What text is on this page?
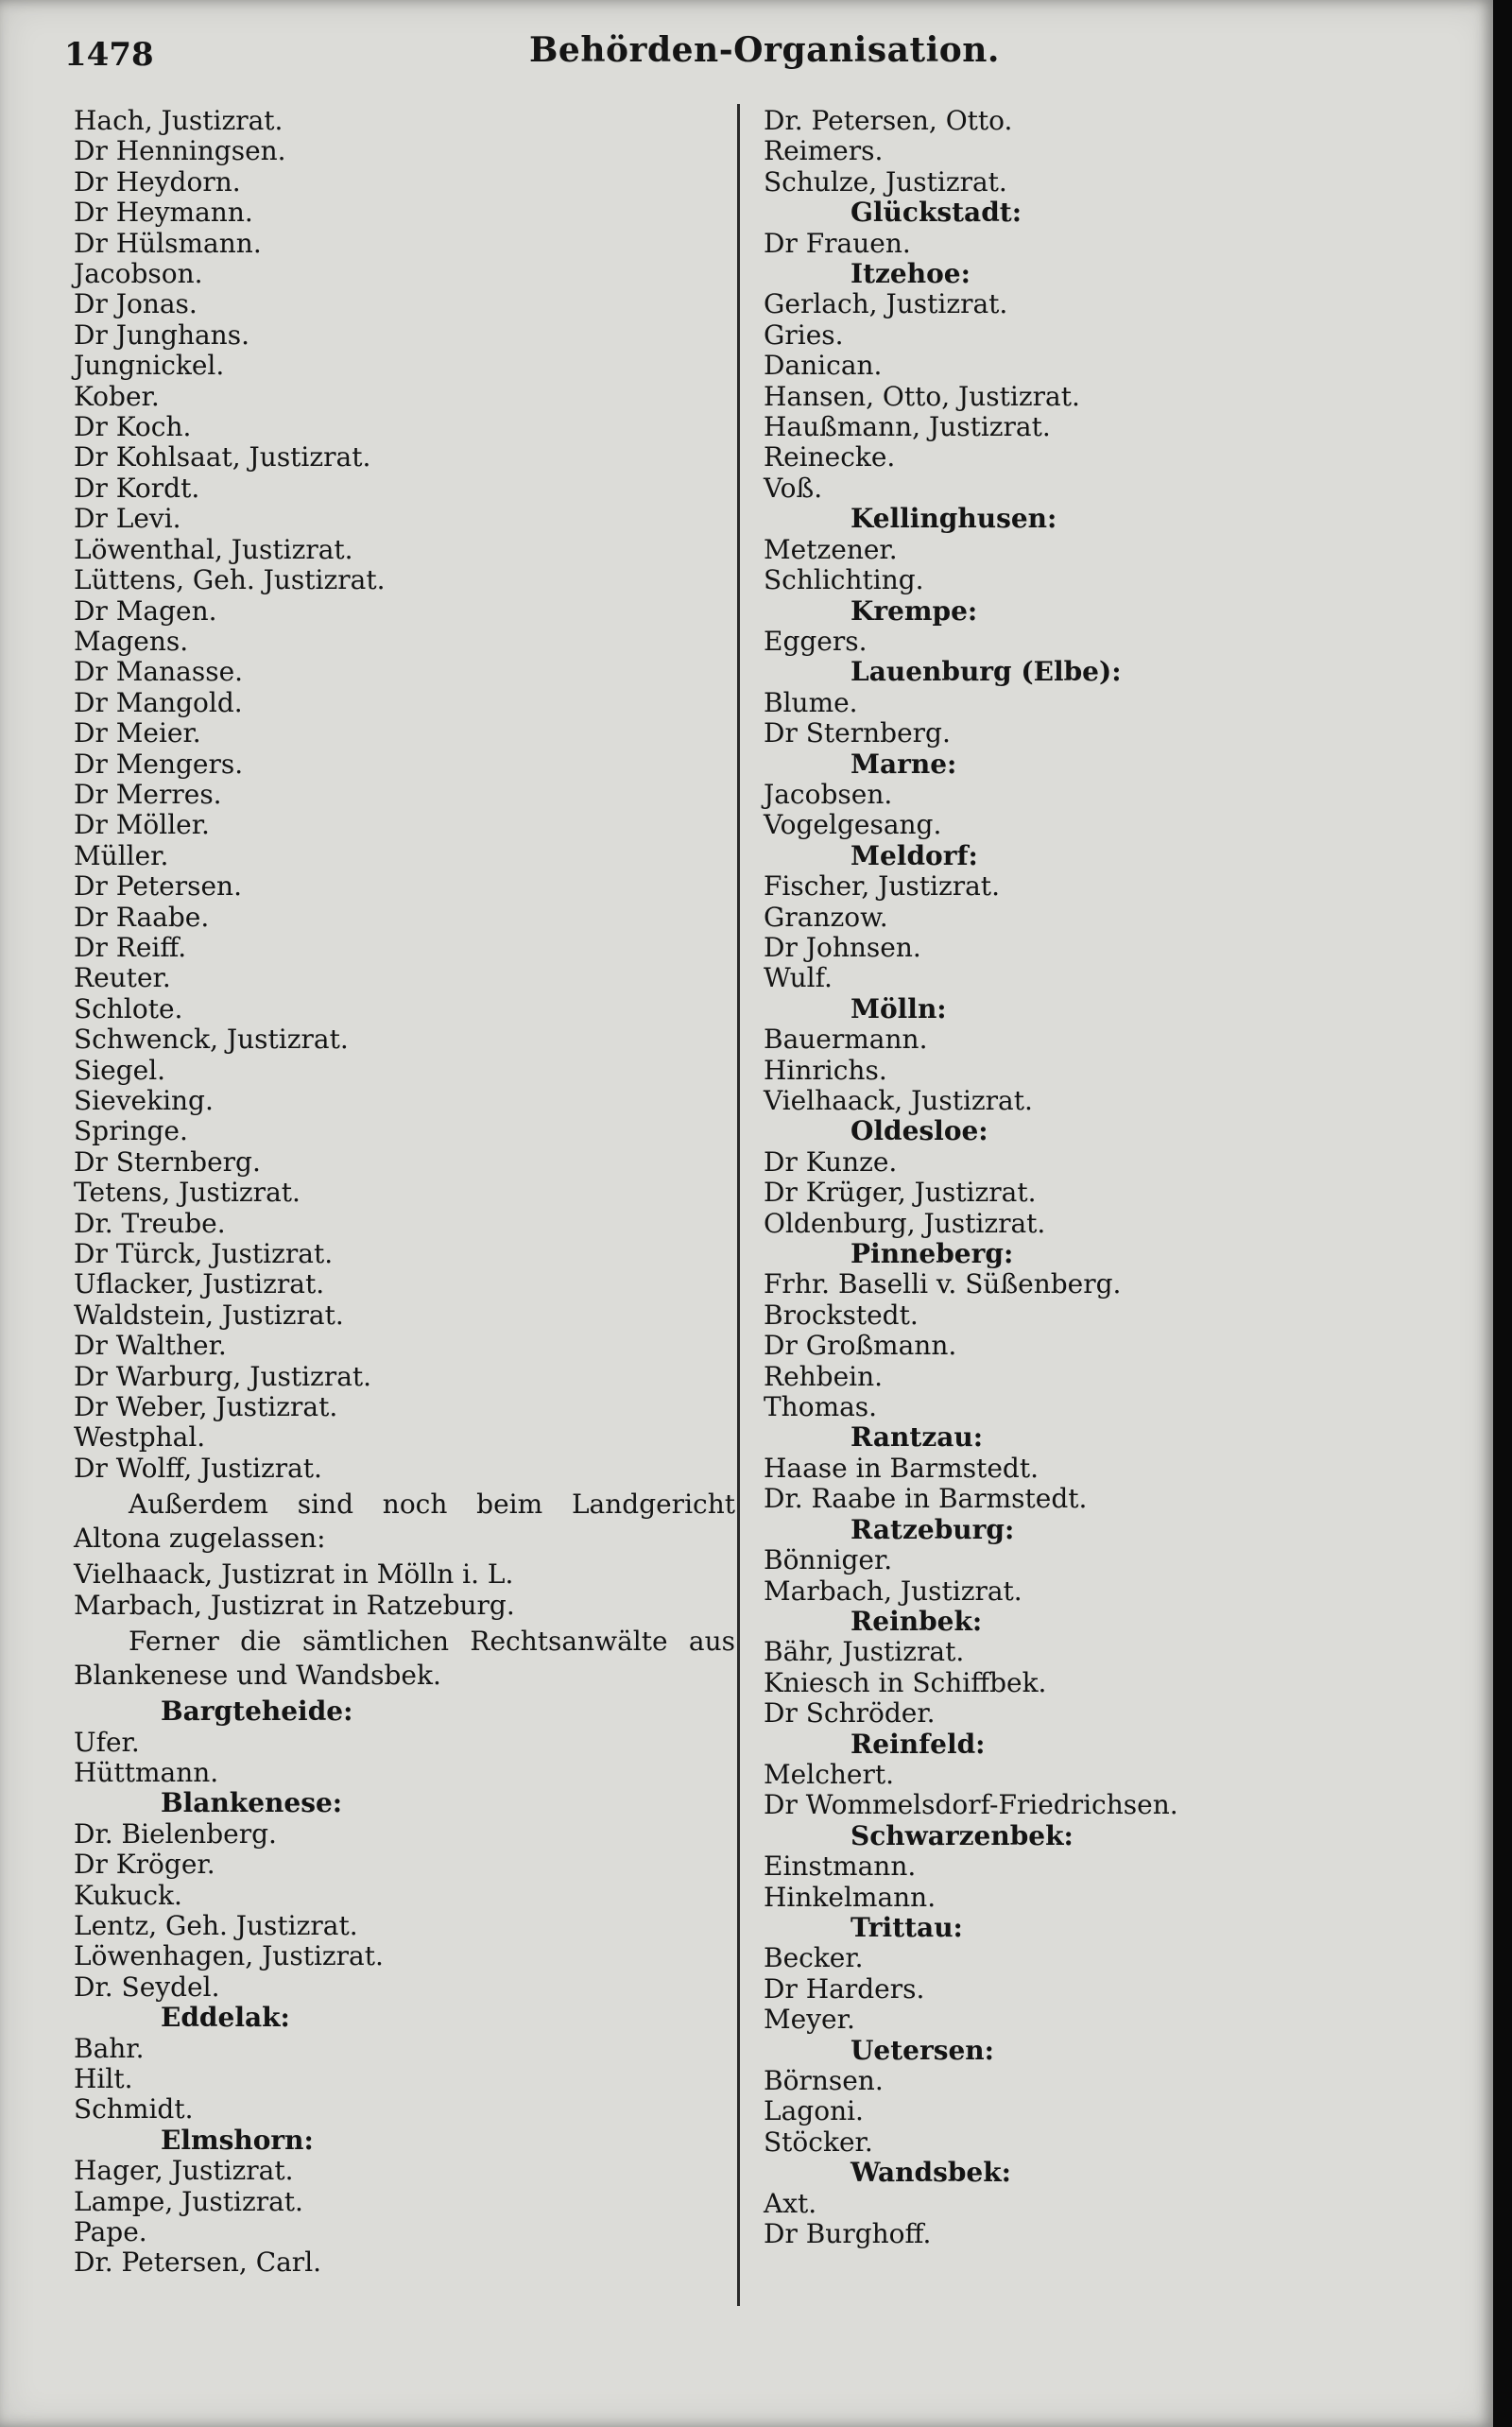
1478	Behörden-Organisation.
Hach, Justizrat.
Dr Henningsen.
Dr Heydorn.
Dr Heymann.
Dr Hülsmann.
Jacobson.
Dr Jonas.
Dr Junghans.
Jungnickel.
Kober.
Dr Koch.
Dr Kohlsaat, Justizrat.
Dr Kordt.
Dr Levi.
Löwenthal, Justizrat.
Lüttens, Geh. Justizrat.
Dr Magen.
Magens.
Dr Manasse.
Dr Mangold.
Dr Meier.
Dr Mengers.
Dr Merres.
Dr Möller.
Müller.
Dr Petersen.
Dr Raabe.
Dr Reiff.
Reuter.
Schlote.
Schwenck, Justizrat.
Siegel.
Sieveking.
Springe.
Dr Sternberg.
Tetens, Justizrat.
Dr. Treube.
Dr Türck, Justizrat.
Uflacker, Justizrat.
Waldstein, Justizrat.
Dr Walther.
Dr Warburg, Justizrat.
Dr Weber, Justizrat.
Westphal.
Dr Wolff, Justizrat.
Außerdem sind noch beim Landgericht Altona zugelassen:
Vielhaack, Justizrat in Mölln i. L.
Marbach, Justizrat in Ratzeburg.
Ferner die sämtlichen Rechtsanwälte aus Blankenese und Wandsbek.
Bargteheide:
Ufer.
Hüttmann.
Blankenese:
Dr. Bielenberg.
Dr Kröger.
Kukuck.
Lentz, Geh. Justizrat.
Löwenhagen, Justizrat.
Dr. Seydel.
Eddelak:
Bahr.
Hilt.
Schmidt.
Elmshorn:
Hager, Justizrat.
Lampe, Justizrat.
Pape.
Dr. Petersen, Carl.
Dr. Petersen, Otto.
Reimers.
Schulze, Justizrat.
Glückstadt:
Dr Frauen.
Itzehoe:
Gerlach, Justizrat.
Gries.
Danican.
Hansen, Otto, Justizrat.
Haußmann, Justizrat.
Reinecke.
Voß.
Kellinghusen:
Metzener.
Schlichting.
Krempe:
Eggers.
Lauenburg (Elbe):
Blume.
Dr Sternberg.
Marne:
Jacobsen.
Vogelgesang.
Meldorf:
Fischer, Justizrat.
Granzow.
Dr Johnsen.
Wulf.
Mölln:
Bauermann.
Hinrichs.
Vielhaack, Justizrat.
Oldesloe:
Dr Kunze.
Dr Krüger, Justizrat.
Oldenburg, Justizrat.
Pinneberg:
Frhr. Baselli v. Süßenberg.
Brockstedt.
Dr Großmann.
Rehbein.
Thomas.
Rantzau:
Haase in Barmstedt.
Dr. Raabe in Barmstedt.
Ratzeburg:
Bönniger.
Marbach, Justizrat.
Reinbek:
Bähr, Justizrat.
Kniesch in Schiffbek.
Dr Schröder.
Reinfeld:
Melchert.
Dr Wommelsdorf-Friedrichsen.
Schwarzenbek:
Einstmann.
Hinkelmann.
Trittau:
Becker.
Dr Harders.
Meyer.
Uetersen:
Börnsen.
Lagoni.
Stöcker.
Wandsbek:
Axt.
Dr Burghoff.
